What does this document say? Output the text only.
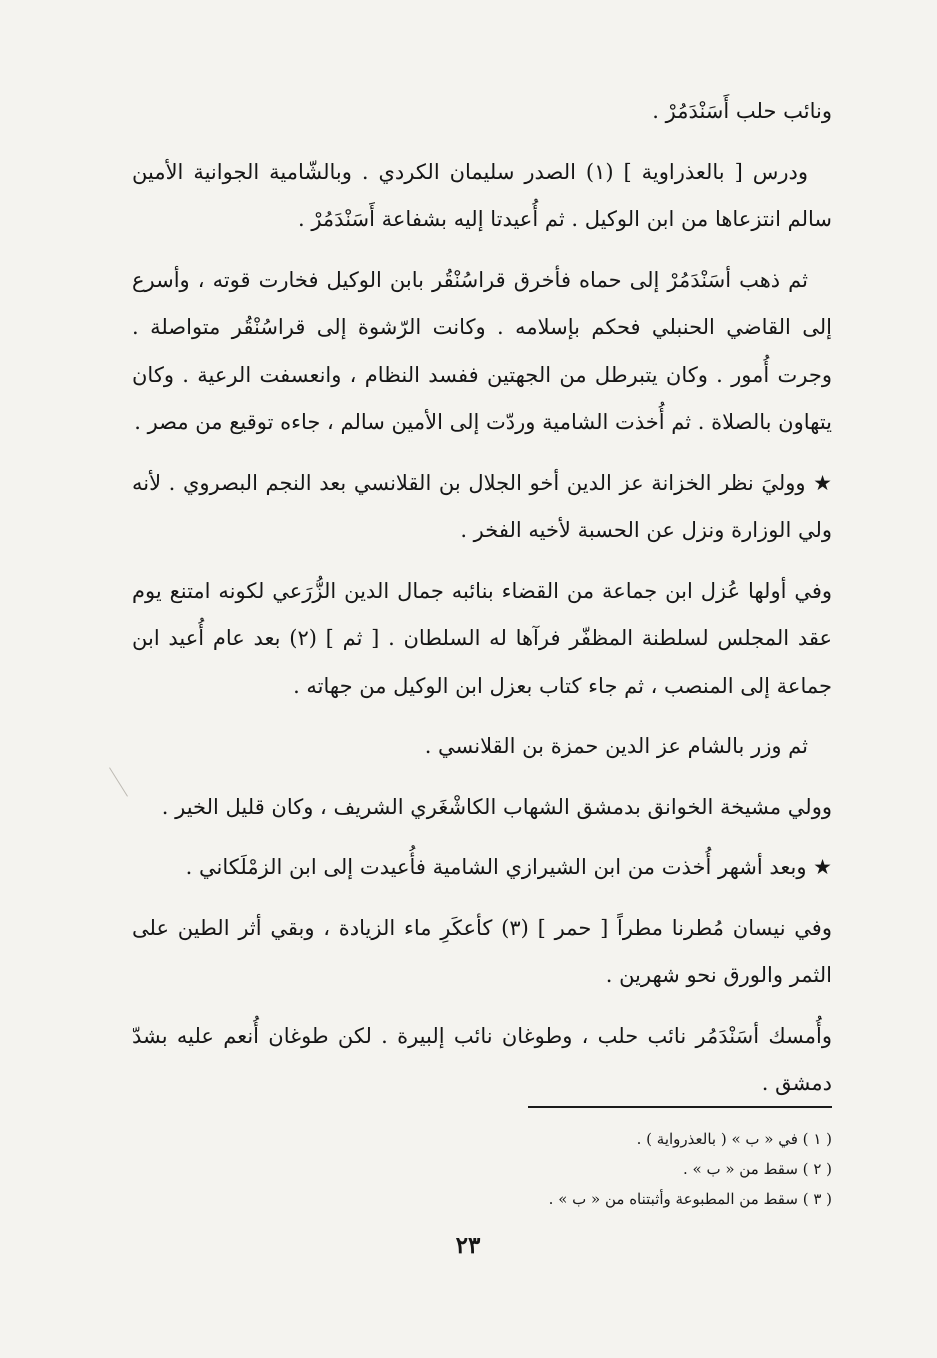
ونائب حلب أَسَنْدَمُرْ .

ودرس [ بالعذراوية ] (١) الصدر سليمان الكردي . وبالشّامية الجوانية الأمين سالم انتزعاها من ابن الوكيل . ثم أُعيدتا إليه بشفاعة أَسَنْدَمُرْ .

ثم ذهب أسَنْدَمُرْ إلى حماه فأخرق قراسُنْقُر بابن الوكيل فخارت قوته ، وأسرع إلى القاضي الحنبلي فحكم بإسلامه . وكانت الرّشوة إلى قراسُنْقُر متواصلة . وجرت أُمور . وكان يتبرطل من الجهتين ففسد النظام ، وانعسفت الرعية . وكان يتهاون بالصلاة . ثم أُخذت الشامية وردّت إلى الأمين سالم ، جاءه توقيع من مصر .

★ ووليَ نظر الخزانة عز الدين أخو الجلال بن القلانسي بعد النجم البصروي . لأنه ولي الوزارة ونزل عن الحسبة لأخيه الفخر .

وفي أولها عُزل ابن جماعة من القضاء بنائبه جمال الدين الزُّرَعي لكونه امتنع يوم عقد المجلس لسلطنة المظفّر فرآها له السلطان . [ ثم ] (٢) بعد عام أُعيد ابن جماعة إلى المنصب ، ثم جاء كتاب بعزل ابن الوكيل من جهاته .

ثم وزر بالشام عز الدين حمزة بن القلانسي .

وولي مشيخة الخوانق بدمشق الشهاب الكاشْغَري الشريف ، وكان قليل الخير .

★ وبعد أشهر أُخذت من ابن الشيرازي الشامية فأُعيدت إلى ابن الزمْلَكاني .

وفي نيسان مُطرنا مطراً [ حمر ] (٣) كأعكَرِ ماء الزيادة ، وبقي أثر الطين على الثمر والورق نحو شهرين .

وأُمسك أسَنْدَمُر نائب حلب ، وطوغان نائب إلبيرة . لكن طوغان أُنعم عليه بشدّ دمشق .

( ١ ) في « ب » ( بالعذرواية ) .

( ٢ ) سقط من « ب » .

( ٣ ) سقط من المطبوعة وأثبتناه من « ب » .

٢٣
